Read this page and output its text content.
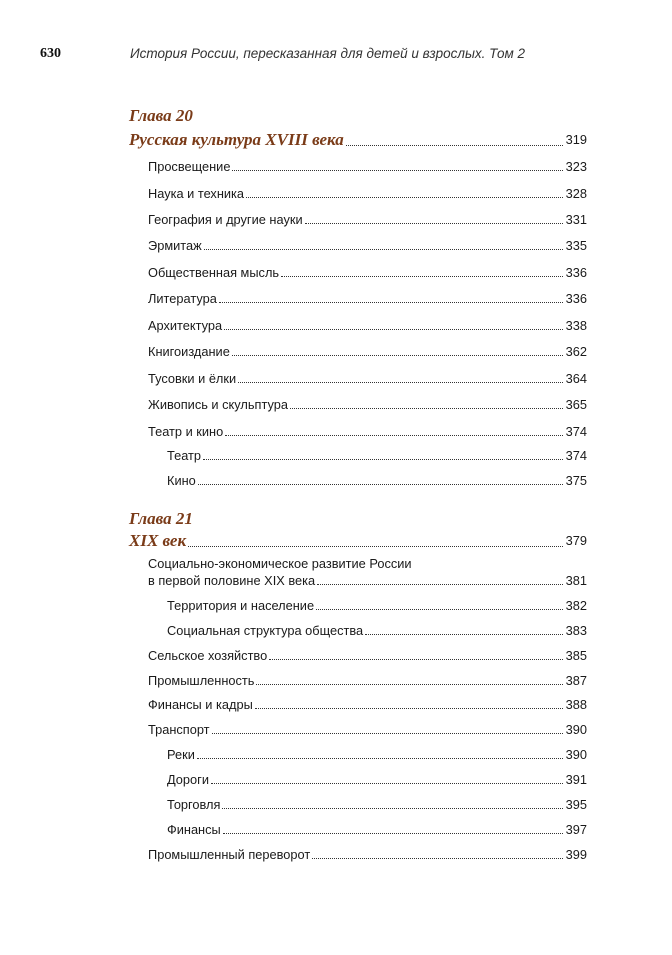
630	История России, пересказанная для детей и взрослых. Том 2
Глава 20
Русская культура XVIII века	319
Просвещение	323
Наука и техника	328
География и другие науки	331
Эрмитаж	335
Общественная мысль	336
Литература	336
Архитектура	338
Книгоиздание	362
Тусовки и ёлки	364
Живопись и скульптура	365
Театр и кино	374
Театр	374
Кино	375
Глава 21
XIX век	379
Социально-экономическое развитие России
в первой половине XIX века	381
Территория и население	382
Социальная структура общества	383
Сельское хозяйство	385
Промышленность	387
Финансы и кадры	388
Транспорт	390
Реки	390
Дороги	391
Торговля	395
Финансы	397
Промышленный переворот	399
